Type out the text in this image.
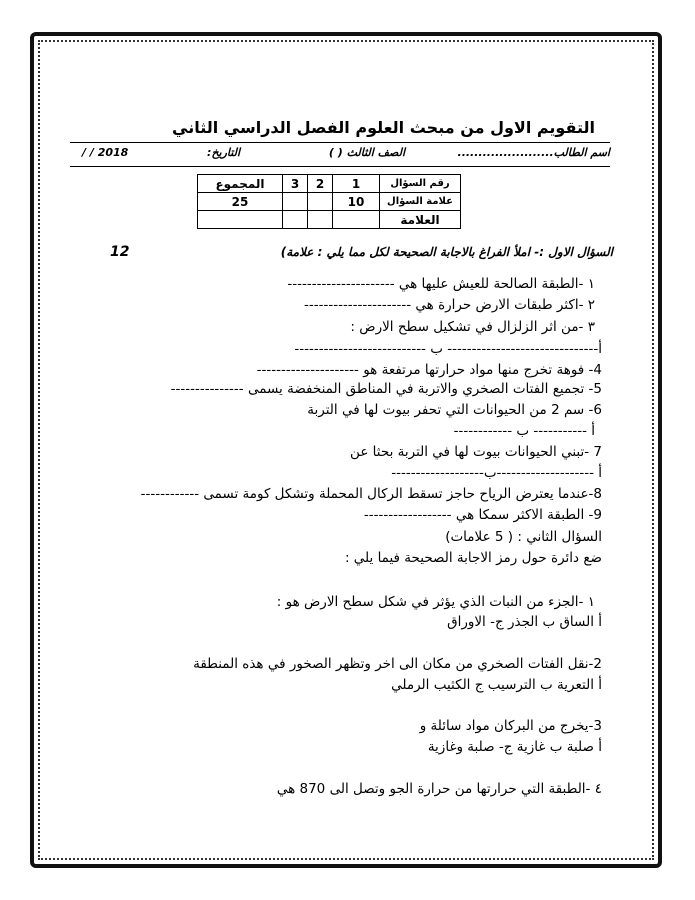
التقويم الاول من مبحث العلوم الفصل الدراسي الثاني
اسم الطالب.......................
الصف الثالث ( )
التاريخ:
/ / 2018
رقم السؤال	1	2	3	المجموع
علامة السؤال	10			25
العلامة				
السؤال الاول :- املأ الفراغ بالاجابة الصحيحة لكل مما يلي : علامة)
12
١ -الطبقة الصالحة للعيش عليها هي ----------------------
٢ -اكثر طبقات الارض حرارة هي ----------------------
٣ -من اثر الزلزال في تشكيل سطح الارض :
أ------------------------------- ب ---------------------------
4- فوهة تخرج منها مواد حرارتها مرتفعة هو ---------------------
5- تجميع الفتات الصخري والاتربة في المناطق المنخفضة يسمى ---------------
6- سم 2 من الحيوانات التي تحفر بيوت لها في التربة
أ ----------- ب ------------
7 -تبني الحيوانات بيوت لها في التربة بحثا عن
أ --------------------ب-------------------
8-عندما يعترض الرياح حاجز تسقط الركال المحملة وتشكل كومة تسمى ------------
9- الطبقة الاكثر سمكا هي ------------------
السؤال الثاني : ( 5 علامات)
ضع دائرة حول رمز الاجابة الصحيحة فيما يلي :
١ -الجزء من النبات الذي يؤثر في شكل سطح الارض هو :
أ الساق ب الجذر ج- الاوراق
2-نقل الفتات الصخري من مكان الى اخر وتظهر الصخور في هذه المنطقة
أ التعرية ب الترسيب ج الكثيب الرملي
3-يخرج من البركان مواد سائلة و
أ صلبة ب غازية ج- صلبة وغازية
٤ -الطبقة التي حرارتها من حرارة الجو وتصل الى 870 هي
